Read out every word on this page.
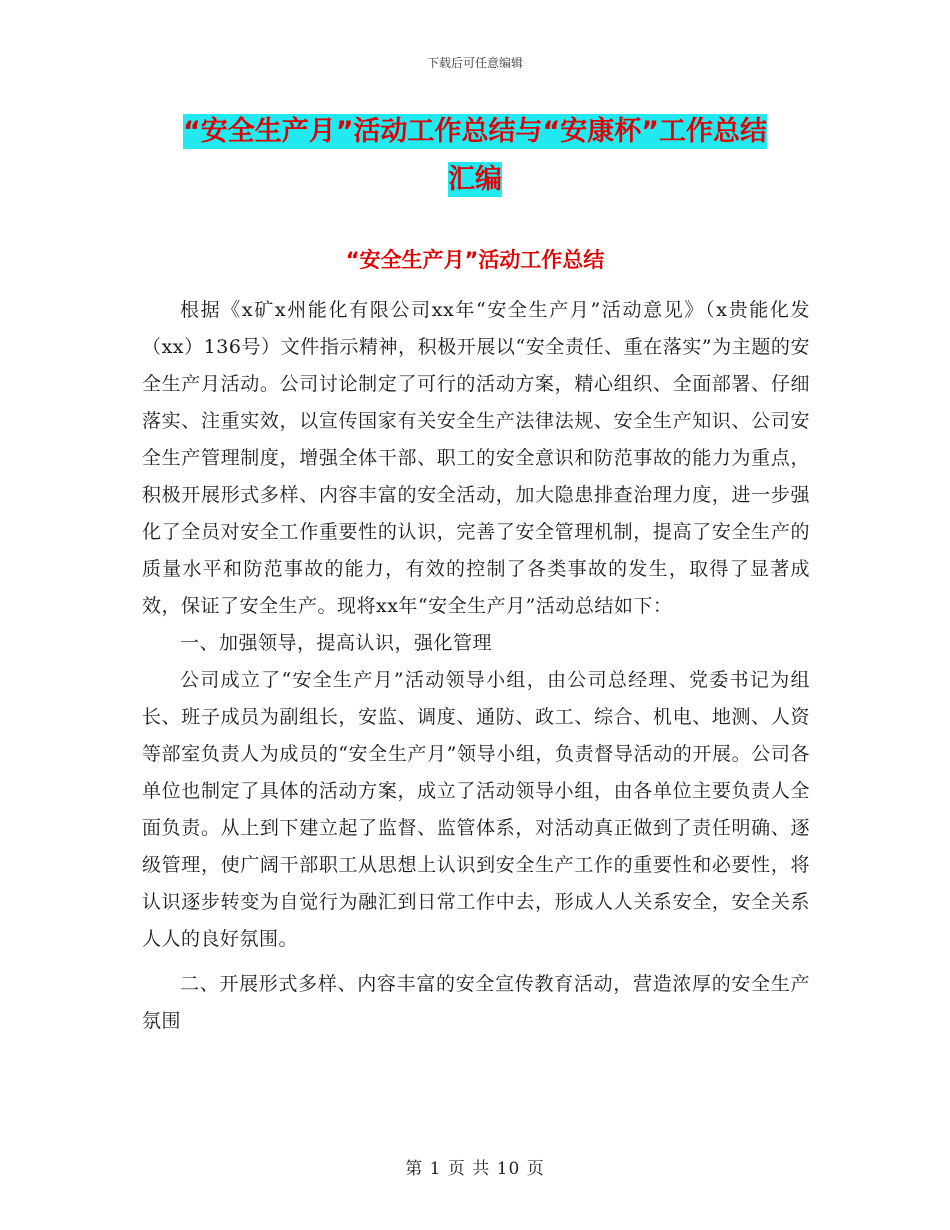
下载后可任意编辑
“安全生产月”活动工作总结与“安康杯”工作总结
汇编
“安全生产月”活动工作总结

根据《x矿x州能化有限公司xx年“安全生产月”活动意见》（x贵能化发（xx）136号）文件指示精神，积极开展以“安全责任、重在落实”为主题的安全生产月活动。公司讨论制定了可行的活动方案，精心组织、全面部署、仔细落实、注重实效，以宣传国家有关安全生产法律法规、安全生产知识、公司安全生产管理制度，增强全体干部、职工的安全意识和防范事故的能力为重点，积极开展形式多样、内容丰富的安全活动，加大隐患排查治理力度，进一步强化了全员对安全工作重要性的认识，完善了安全管理机制，提高了安全生产的质量水平和防范事故的能力，有效的控制了各类事故的发生，取得了显著成效，保证了安全生产。现将xx年“安全生产月”活动总结如下：

一、加强领导，提高认识，强化管理

公司成立了“安全生产月”活动领导小组，由公司总经理、党委书记为组长、班子成员为副组长，安监、调度、通防、政工、综合、机电、地测、人资等部室负责人为成员的“安全生产月”领导小组，负责督导活动的开展。公司各单位也制定了具体的活动方案，成立了活动领导小组，由各单位主要负责人全面负责。从上到下建立起了监督、监管体系，对活动真正做到了责任明确、逐级管理，使广阔干部职工从思想上认识到安全生产工作的重要性和必要性，将认识逐步转变为自觉行为融汇到日常工作中去，形成人人关系安全，安全关系人人的良好氛围。

二、开展形式多样、内容丰富的安全宣传教育活动，营造浓厚的安全生产氛围

第 1 页 共 10 页
